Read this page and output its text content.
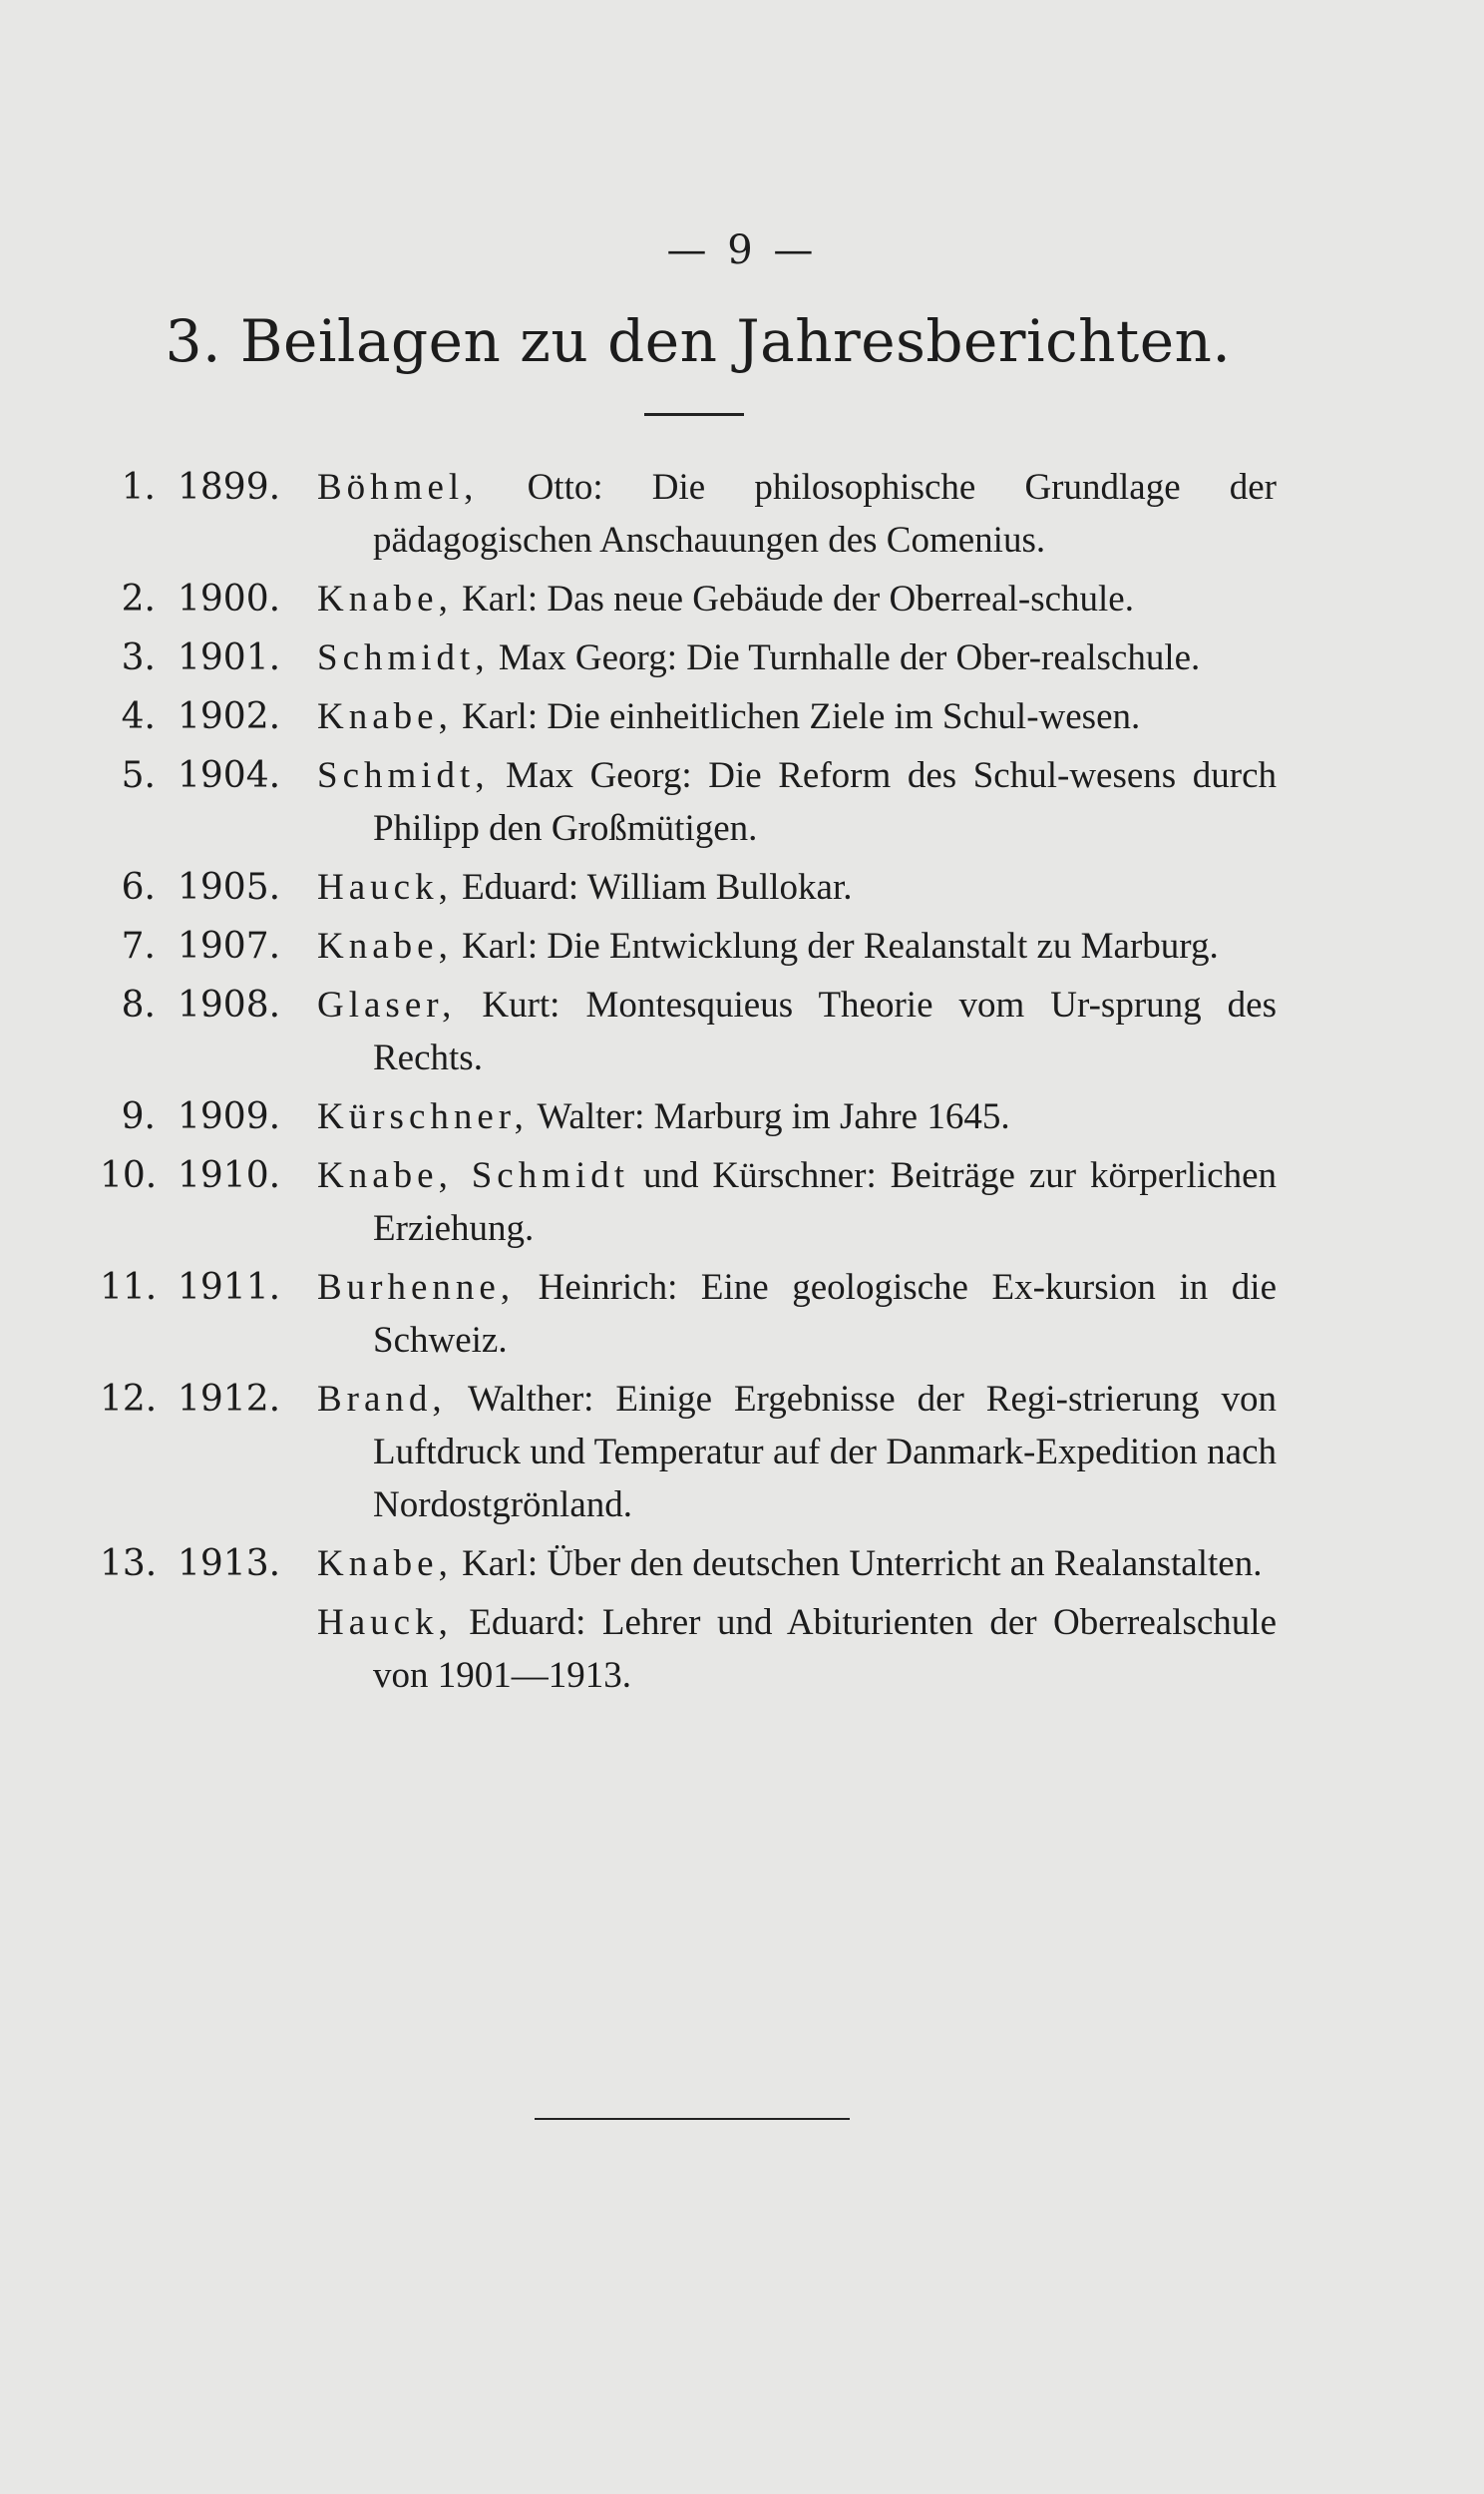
— 9 —
3. Beilagen zu den Jahresberichten.
1. 1899. Böhmel, Otto: Die philosophische Grundlage der pädagogischen Anschauungen des Comenius.
2. 1900. Knabe, Karl: Das neue Gebäude der Oberreal-schule.
3. 1901. Schmidt, Max Georg: Die Turnhalle der Ober-realschule.
4. 1902. Knabe, Karl: Die einheitlichen Ziele im Schul-wesen.
5. 1904. Schmidt, Max Georg: Die Reform des Schul-wesens durch Philipp den Großmütigen.
6. 1905. Hauck, Eduard: William Bullokar.
7. 1907. Knabe, Karl: Die Entwicklung der Realanstalt zu Marburg.
8. 1908. Glaser, Kurt: Montesquieus Theorie vom Ur-sprung des Rechts.
9. 1909. Kürschner, Walter: Marburg im Jahre 1645.
10. 1910. Knabe, Schmidt und Kürschner: Beiträge zur körperlichen Erziehung.
11. 1911. Burhenne, Heinrich: Eine geologische Ex-kursion in die Schweiz.
12. 1912. Brand, Walther: Einige Ergebnisse der Regi-strierung von Luftdruck und Temperatur auf der Danmark-Expedition nach Nordostgrönland.
13. 1913. Knabe, Karl: Über den deutschen Unterricht an Realanstalten.
Hauck, Eduard: Lehrer und Abiturienten der Oberrealschule von 1901—1913.
